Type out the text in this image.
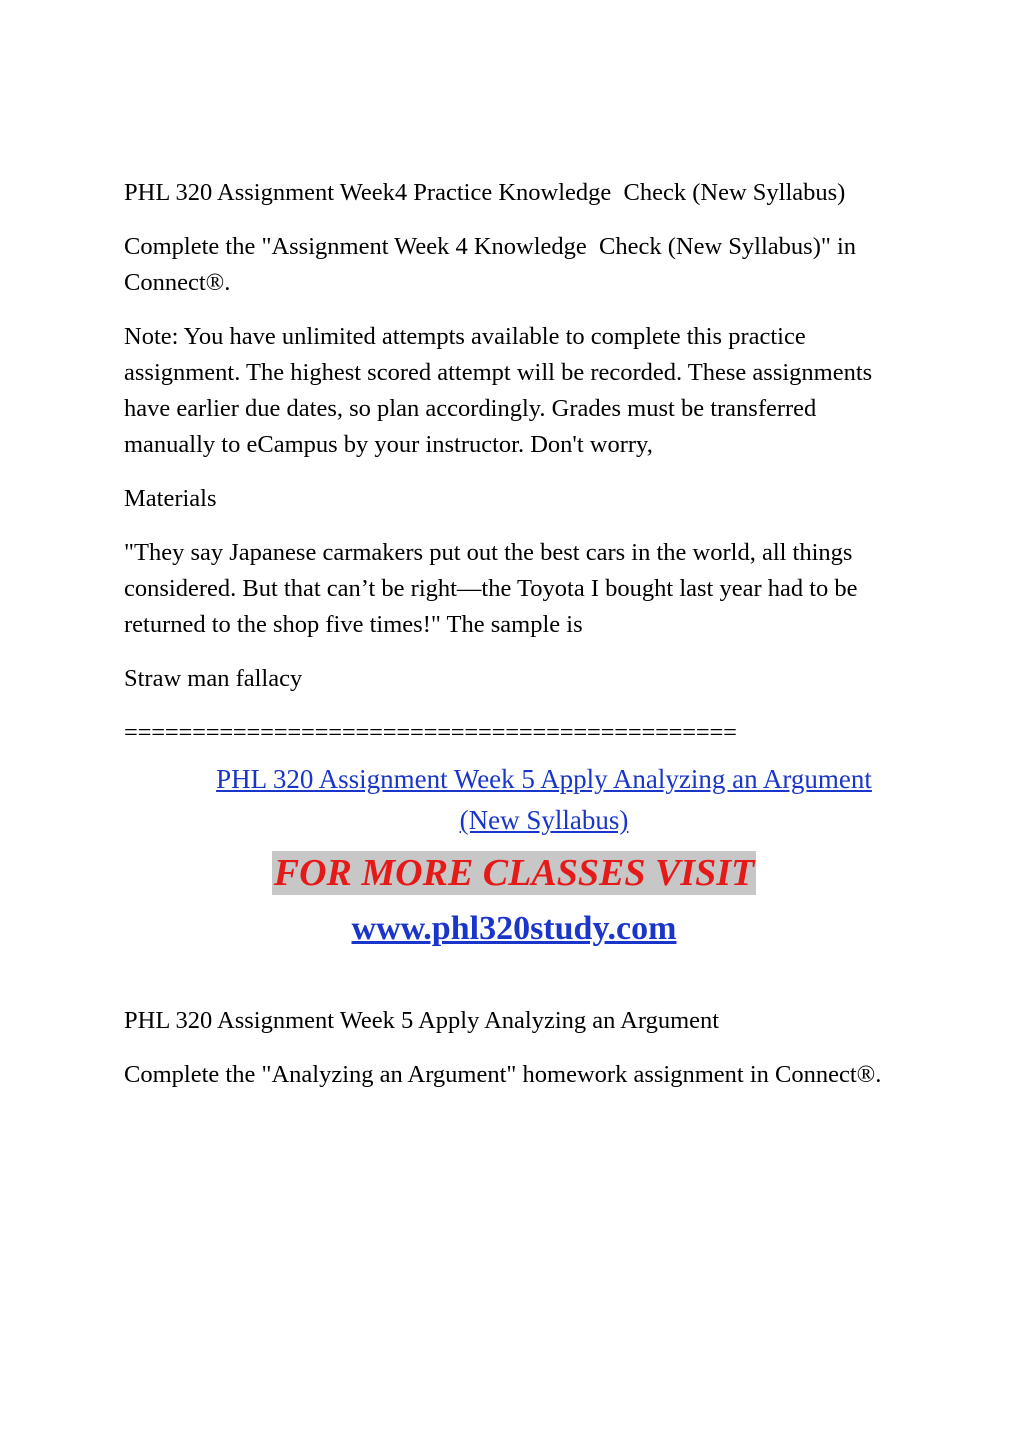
PHL 320 Assignment Week4 Practice Knowledge  Check (New Syllabus)

Complete the "Assignment Week 4 Knowledge  Check (New Syllabus)" in Connect®.

Note: You have unlimited attempts available to complete this practice assignment. The highest scored attempt will be recorded. These assignments have earlier due dates, so plan accordingly. Grades must be transferred manually to eCampus by your instructor. Don't worry,

Materials

"They say Japanese carmakers put out the best cars in the world, all things considered. But that can’t be right—the Toyota I bought last year had to be returned to the shop five times!" The sample is

Straw man fallacy

=============================================
PHL 320 Assignment Week 5 Apply Analyzing an Argument (New Syllabus)
FOR MORE CLASSES VISIT
www.phl320study.com

PHL 320 Assignment Week 5 Apply Analyzing an Argument

Complete the "Analyzing an Argument" homework assignment in Connect®.
